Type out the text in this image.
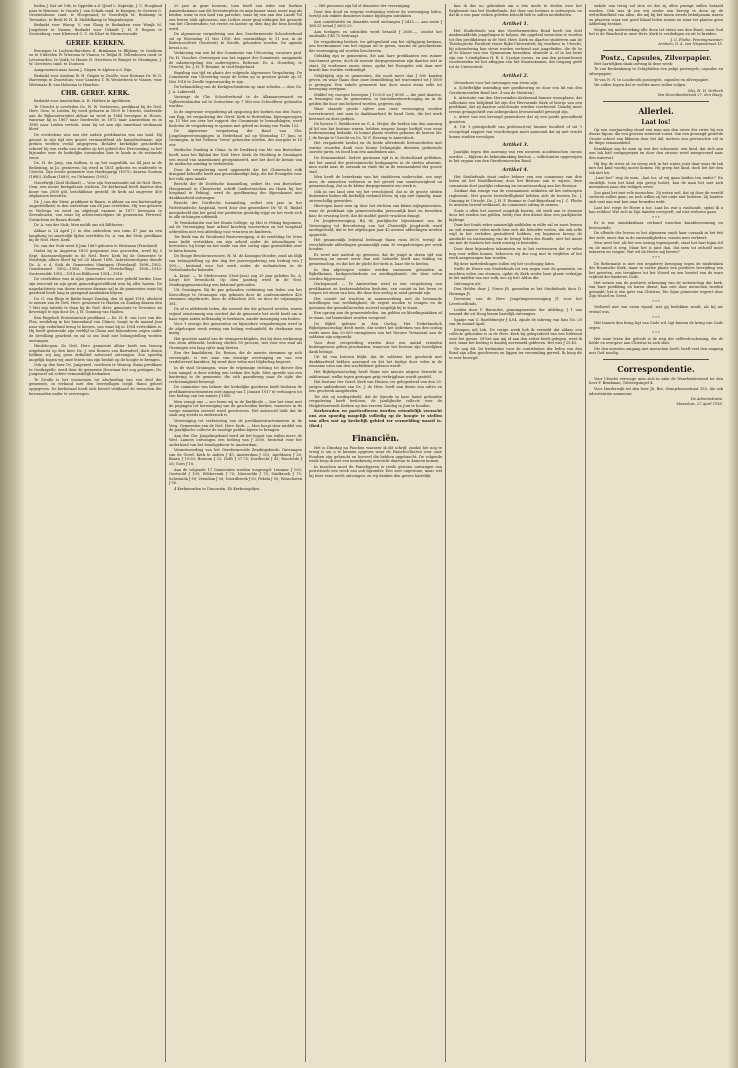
heden J. Kat uit Urk; te Oppelde a.d. IJssel L. Kapteijn; J. C. Hoogland naar te Renesse; te Vuurde J. van Schaik cand. te Kampen; te Gerwen G. Groenenboom cand. te Hoogezand; te Noordwijk M. Roskamp te Tervaalse; te Beek W. H. B. Middelkamp te Wagenborgen.

Bedankt voor Wieng: V. van Vlaag te Bedanken voor Wanjk M. Jongeboer te Vianen; Bedankt voor Urkindt J. H. F. Regeus te Oostenburg; voor Kleiwerd C. C. de Kloet te Murmerwoude.

GEREF. KERKEN.

Beroepen te Lochem-Barchem H. Brinkman te Blijham; te Oosthem en te Uitdeelen W. Wiersma te Vianen; te Tedjal H. Vollenhoven cand. te Leeuwarden; te Varik; te Haren N. Gerritsen te Bunger te Groningen; J. W. Gerritsen cand. te Doutoen.

Aangenomen naar Assen J. Gispen te Alphen a.d. Rijn.

Bedankt voor Arnhem W. H. Gispen te Zwolle; voor Reitsma Dr. W. G. Harrewijn te Zwartsluis; voor Camstra T. W. Westerbeek te Vianen; voor Westmaas B. van Halsema te Haarlem.

CHR. GEREF. KERK.

Bedankt voor Amsterdam A. H. Hofstra te Apeldoorn.

Te Utrecht is overleden Ds. W. W. Verhoeven, predikant bij de Ned. Herv. Gem. te Leiden, hij werd geboren in 1839 te Utrecht, studeerde aan de Rijksuniversiteit aldaar en werd in 1864 beroepen te Hoorn, vanwaar hij in 1867 naar Dordrecht, in 1872 naar Amsterdam en in 1885 naar Leiden vertrok, waar hij tot aan zijn emeritaat werkzaam bleef.

De overledene was een der oudste predikanten van ons land. Hij genoot in zijn tijd een groote vermaardheid als kanselredenaar; zijn preken werden veelal uitgegeven. Behalve kerkelijke geschriften schreef hij een reeks van studiën op het gebied der Hervorming, in het bijzonder over de kerkelijke toestanden hier te lande in de zestiende eeuw.

Ds. H. de Jong, van Kollum, is op het oogenblik, na 44 jaar in de bediening, in Ja. gestorven; hij werd in 1851 geboren en studeerde te Utrecht. Zijn eerste gemeente was Hardegarijp (1875), daarna Goutum (1880), Kollum (1889), en Uithuizen (1892).

Noordwijk (Zuid Holland) — Voor zijn leeraarsambt zal de Ned. Herv. Gem. een nieuw kerkgebouw stichten. De Kerkeraad heeft daartoe den bouw van 2000 gld. beschikbaar gesteld; de kerk zal ongeveer 400 zitplaatsen bevatten.

Dr. J. van der Meer, predikant te Baarn, is aldaar, na een kortstondige ongesteldheid, in den ouderdom van 64 jaar overleden. Hij was geboren te Wolvega en werd na afgelegd examen in 1877 beroepen te Zevenhuizen, van waar hij achtereenvolgens de gemeenten Ferwerd, Gorinchem en Baarn diende.

Dr. A. van der Stok; Men meldt ons uit Bilthoven:

Aldaar is 24 April j.l. in den ouderdom van ruim 47 jaar na een langdurig en smartelijk lijden overleden Ds. A. van der Stok, predikant bij de Ned. Herv. Kerk.

Ds. van der Stok werd 4 Juni 1869 geboren te Westzaan (Friesland).

Nadat hij in Augustus 1893 proponent was geworden, werd hij 5 Sept. daaraanvolgende in de Ned. Herv. Kerk bij de Gemeente te Nordwijk; alhier bleef hij tot 20 Maart 1898. Achtereenvolgens diende Ds. A. v. d. Stok de Gemeenten Mantgum (Friesland) 1898—1902, Goudswaard 1902—1906, Oosterend (Terschelling) 1906—1910, Oosterwolde 1910—1914 en Bilthoven 1914—1916.

De overledene was in zijne gemeenten een zeer geliefd herder. Door zijn eenvoud en zijn grote gemoedsgesteldheid won hij aller harten. De nagedachtenis van dezen trouwen dienaar zal in de gemeenten waar hij gearbeid heeft lang in gezegend aandenken blijven.

Ds. G. van Rhijn te Bathe hoopt Zondag, den 30 April 1916, afscheid te nemen van de Ned. Herv. gemeente te Haalen en Zondag daarna den 7 Mei zijn intrede te doen bij de Ned. Herv. gemeente te Deventer, na bevestigd te zijn door Ds. J. H. Gunning van Haalen.

Een Engelsch Protestantsch predikant — Ds. H. R. van Leer van der Plas, zendeling in het binnenland van Chinee, hoopt in de maand Juni naar zijn vaderland terug te keeren, van waar hij in 1904 vertrokken is. Hij heeft gedurende zijn verblijf in China met bijzonderen zegen onder de bevolking gearbeid en zal in ons land met belangstelling worden ontvangen.

Hindeloopen. De Ned. Herv. gemeente alhier heeft een beroep uitgebracht op den heer Ds. J. van Rossen van Barradeel, doch dezen hebben wij nog geen definitief antwoord ontvangen. Zoo spoedig mogelijk hopen wij onze lezers van zijn besluit op de hoogte te brengen.

Ook op den heer Ds. Jongeneel, voorheen te Wanroy, thans predikant te Oostkapelle, werd door de gemeente Hoornaar het oog geslagen; Ds. Jongeneel zal echter vermoedelijk bedanken.

Te Zwolle is het voornemen tot afscheiding van een deel der gemeente, in verband met den leerstelligen strijd, thans geheel opgegeven. De kerkeraad heeft zich bereid verklaard de wenschen der bezwaarden nader te overwegen.

20 jaar in gean bouwen; toen heeft een ieder een boeken Amsterdammer aan dit Deventerplein en mijn kamer staat, meer nog als beiden, waar in een land van parochie, waar hij een aan den Lande Tol een leeren stuk opbouwen; aan Luther, meer ging uitdagen het gezonde van het Christendom; tot eerste en laatste op dien dag die hem heerlijk werd.

De algemeene vergadering van den Gereformeerde Schoolverbond zal op Woensdag 31 Mei 1916, des voormiddags te 11 uur, in de Buitensociëteit (Sociëteit) te Zwolle, gehouden worden. De agenda bevat o.m.:

Verkiezing van een lid der Commissie van Uitvoering, vacature prof. Dr. H. Visscher. Overwegen van het rapport der Commissie, aangaande de salarisregeling der onderwijzers. Referaat: Dr. A. Noordtzij, te Utrecht; Ds. J. H. F. Remme, te Oud-Beijerland.

Bepaling van tijd en plaats der volgende Algemeene Vergadering. De Commissie van Uitvoering roept de leden op in grooten getale op 31 Mei 1916 te Zwolle tegenwoordig te zijn.

De behandeling van de Kerkgeschiedenis op onze scholen — door Ds. J. A. Lakerveld.

Vanwege de Chr. Schoolverbond te de Alkmaarsewaard en Vijfheerenlanden zal te Gorinchem op 7 Mei een Schoolfeest gehouden worden.

In de ongewone vergadering ad opsporing der boeken van den Voorz. van Egg. tot vergadering der Geref. Kerk te Rotterdam, bijeengeroepen op 15 Mei om over het rapport der Commissie te beraadslagen, werd besloten de vergadering te openen met gebed en lezing van Psalm 122.

De algemeene vergadering der Bond van Chr. Jongelingsvereenigingen in Nederland zal op Woensdag 17 Juni, te Groningen, in het Gebouw ‘Irene’ gehouden worden, des morgens te 10 uur.

Medische Zending in China. In de Drukkerij van Mr. van Boetzelaer heeft, naar het Bijblad der Ned. Herv. Kerk, de Stichting te Groningen een avond van samenkomst georganiseerd, met het doel de kennis van de medische zending te verbreiden.

Door de vergadering werd opgemerkt dat het Chineesche volk dringend behoefte heeft aan geneeskundige hulp, die het Evangelie voor het volk open maakt.

Bericht der de Dordtsche Inzameling, sedert Mr. van Boetzelaer Hoogenraad in Chineesche schrift (ondertusschen nu thans bij het hospitaal te Peking), werd de goedkeuring der Bijeenkomst met dankbaarheid ontvangen.

Bericht der Dordtsche Inzameling, sedert een jaar in het Nederlandsche hospitaal, werd door den geneesheer Dr. W. H. Rinkel meegedeeld dat het getal der patiënten gestadig stijgt en het werk zich in alle richtingen uitbreidt.

Te Veenkoloniën van het Staats-College, op Mei te Peking begonnen, zal de Vereeniging haar arbeid krachtig voortzetten en het hospitaal uitbreiden met een afdeeling voor vrouwen en kinderen.

Ter Beek van de Woudsend Rustvereniging, is de zendeling De Vries naar Indië vertrokken om zijn arbeid onder de inboorlingen te hervatten; hij hoopt na het einde van den oorlog zijne gezinsleden over te laten komen.

De Hooge Beschermvrouwe, H. M. de Koningin-Moeder, zond als blijk van belangstelling op den dag der jaarvergadering een bedrag van ƒ 500.—, bestemd voor het werk onder de melaatschen in de Nederlandsche koloniën.

A. Kruyt. — Te Medevoorne (Oost-Java) zag 35 jaar geleden Ds. A. Kruyt het levenslicht. Op dien jaardag werd in de Ned. Zendingsgemeenschap een bidstond gehouden.

Uit Groningen. Bij de pas gehouden verkiezing van leden van het Kiescollege te Groningen zijn gekozen door de confessioneelen 420 stemmen uitgebracht, door de ethischen 308, en door de vrijzinnigen 181.

De af te afdelende leden, die zooveel der die gehoord werden, waren vrijwel eenstemmig van oordeel dat de gemeente het recht heeft om in haar eigen zaken zelfstandig te beslissen, zonder inmenging van buiten.

Voor 't overige der gemeenten en bijzondere vergaderingen werd in de afgeloopen week weinig van belang verhandeld; de deelname was matig.

Het grootste aantal van de stemgerechtigden, dat bij deze verkiezing een stem uitbracht, bedroeg slechts 58 procent, wat voor een stad als Groningen een laag cijfer mag heeten.

Een der kandidaten, Ds. Bruins, die de meeste stemmen op zich vereenigde, is een man van ernstige overtuiging en van een vredelievend karakter; hij werd door velen met blijdschap begroet.

In de stad Groningen, waar de vrijzinnige richting tot dusver den toon aangaf, is deze uitslag een teeken des tijds. Men spreekt van een kentering in de gemeente, die zich gaandeweg naar de zijde der rechtzinnigheid beweegt.

De commissie van beheer der kerkelijke goederen heeft besloten de predikantstractementen met ingang van 1 Januari 1917 te verhoogen tot een bedrag van ten minste ƒ 1800.

Men vraagt ons — zoo lezen wij in de Kerkbode — hoe het staat met de pogingen tot hereeniging van de gescheiden kerken, waarover in de vorige maanden zooveel werd geschreven. Het antwoord luidt dat de zaak nog steeds in onderzoek is.

Vereeniging tot verbetering van de predikantstractementen in de Verg. Gemeenten van de Ned. Herv. Kerk. — Men hoopt door middel van de jaarlijksche collecte de noodige gelden bijeen te brengen.

Aan den Chr. Jongelingsbond werd uit het legaat van wijlen mevr. de Wed. Lamers ontvangen een bedrag van ƒ 2000, bestemd voor het onderhoud van het bondsgebouw te Amsterdam.

Verantwoording van het Gereformeerde Zendingsfonds: Ontvangen van de Geref. Kerk te Aalten ƒ 45; Amsterdam ƒ 312; Apeldoorn ƒ 28; Baarn ƒ 19.50; Bussum ƒ 22; Delft ƒ 37.75; Dordrecht ƒ 41; Enschede ƒ 26; Goes ƒ 18.

Aan de volgende 17 Gemeenten werden toegezegd: Lemmer ƒ 100; Oostwold ƒ 100; Wildervank ƒ 75; Nieuwolda ƒ 75; Zuidbroek ƒ 75; Scheemda ƒ 50; Veendam ƒ 50; Noordbroek ƒ 50; Pekela ƒ 50; Winschoten ƒ 50.

4 Kerkenraden te Diaconiën, 40 Kerkvoogdijen.

— 586 personen zijn lid of donateur der vereeniging.

Door den dood en wegens verhuizing verloor de vereeniging leden, terwijl ook enkele donateurs hunne bijdragen introkken.

Aan contributiën en donatiën werd ontvangen ƒ 2435.—, aan rente ƒ 168.25 totaal ƒ 2603.25.

Aan toelagen en subsidiën werd betaald ƒ 2650.—, zoodat het eindsaldo ƒ 48.75 bedraagt.

De vergadering besloot, ter gelegenheid van het vijftigjarig bestaan, een feestnummer van het orgaan uit te geven, waarin de geschiedenis der vereeniging zal worden beschreven.

Gelukkig zijn er gemeenten, die aan hare predikanten een ruimer tractement geven; doch de meeste dorpsgemeenten zijn daartoe niet in staat. Zij verdienen onzen steun, opdat het Evangelie ook daar met kracht kan worden verkondigd.

Gelijktijdig zijn er gemeenten, die nooit meer dan ƒ 600 konden geven, en waar thans door onze bemiddeling het tractement tot ƒ 1000 is gestegen. Een enkele gemeente kon door onzen steun zelfs tot beroeping overgaan.

Middel wij voorgen beroepen ƒ 10.000 en ƒ 6000 — die juist daartoe, in leeningen van de gemeenten, in tractementsverhooging en in de gelden die door ons beheerd worden, gegeven zijn.

Waar staande groote cijfers aan onze vereeniging worden toevertrouwd, ziet men in dankbaarheid de hand Gods, die het werk bestuurt en doet gedijen.

De heeren C. Beekhoewe en G. A. Meijer, die beiden van den aanvang af lid van het bestuur waren, hebben wegens hooge leeftijd voor eene herbenoeming bedankt. In hunne plaats werden gekozen de heeren Mr. J. de Bruijn te Utrecht en Ds. W. F. Heering te Amersfoort.

Het vergaderde besluit en de beide aftredende bestuursleden met warme woorden dank voor hunne belangrijke diensten gedurende zoovele jaren, en bood hun een aandenken aan.

De Eenzaamheid. Sedert geruimen tijd is in Duitschland gebleken, dat het aantal der protestantsche kerkgangers in de steden afneemt; men zoekt naar de oorzaak en vindt die in de eenzaamheid der groote stad.

Men heeft de beteekenis van het stadsleven onderschat, zoo zegt men; de menschen verliezen er het gevoel van saamhoorigheid en gemeenschap, dat in de kleine dorpsgemeente zoo sterk is.

Ook in ons land zien wij het verschijnsel, dat in de groote steden duizenden buiten elk kerkelijk verband leven; zij zijn niet vijandig, maar onverschillig geworden.

Hiertegen komt men op door het stichten van kleine wijkgemeenten, waar de predikant zijn gemeenteleden persoonlijk kent en bezoeken kan; de ervaring leert, dat dit middel goede vruchten draagt.

De Jeugdvereeniging. Bij de jaarlijksche bijeenkomst van de Vereeniging tot Bevordering van het Christelijk Jeugdwerk werd medegedeeld, dat in het afgeloopen jaar 42 nieuwe afdeelingen werden opgericht.

Het gezamenlijk ledental bedraagt thans ruim 8000, terwijl de verschillende afdeelingen gezamenlijk ruim 30 vergaderingen per week houden.

Er werd met nadruk op gewezen, dat de jeugd in dezen tijd van beroering en onrust meer dan ooit behoefte heeft aan leiding en gemeenschap, en dat het de plicht der kerk is, haar die te bieden.

In den afgeloopen winter werden cursussen gehouden in Bijbelkennis, kerkgeschiedenis en zendingskunde, die door velen werden bijgewoond.

Oorlogsnood. — Te Amsterdam werd in een vergadering van predikanten en kerkeraadsleden besloten, een comité in het leven te roepen tot steun van hen, die door den oorlog in nood geraakt zijn.

Het comité zal trachten in samenwerking met de bestaande instellingen van weldadigheid, de ergste nooden te lenigen en de gezinnen der gemobiliseerden zooveel mogelijk bij te staan.

Een oproep aan de gemeenteleden, om gelden en kleedingstukken af te staan, zal binnenkort worden verspreid.

De Bijbel gelezen in den Oorlog. Het Nederlandsch Bijbelgenootschap deelt mede, dat sedert het uitbreken van den oorlog reeds meer dan 20.000 exemplaren van het Nieuwe Testament aan de soldaten zijn uitgereikt.

Voor deze verspreiding werden door een aantal vrienden buitengewone giften geschonken, waarvoor het bestuur zijn hartelijken dank betuigt.

Uit tal van brieven blijkt, dat de soldaten het geschenk met dankbaarheid hebben aanvaard en dat het boekje door velen in de eenzame uren van den wachtdienst gelezen wordt.

Het Bijbelgenootschap heeft thans een nieuwe uitgave bewerkt in zakformaat, welke tegen geringen prijs verkrijgbaar wordt gesteld.

Het bestuur der Geref. Kerk van Huizen, ter gelegenheid van den 25-jarigen ambtsdienst van Ds. J. de Heer, heeft aan dezen een adres en een geschenk aangeboden.

Tot slot zij medegedeeld, dat de Synode in hare laatst gehouden vergadering heeft besloten, de jaarlijksche collecte voor de Hulpbehoevende Kerken op den eersten Zondag in Juni te houden.

Kerkeraden en particulieren worden vriendelijk verzocht ons zoo spoedig mogelijk volledig op de hoogte te stellen van alles wat op kerkelijk gebied ter vermelding waard is. (Red.)

Financiën.

Het is Dinsdag na Paschen waaneer ik dit schrijf, zoodat het nog te vroeg is om u te kunnen opgeven waar de Paaschcollecten voor onze Fondsen zijn gebracht en hoeveel die hebben opgebracht. De volgende week hoop ik met een nauwkeurig overzicht daarvan te kunnen komen.

In tusschen moet de Paaschgaven is reeds gewone ontvangen van postwissels een week van ouk bijzonder. Een zeer ongewone, maar wel bij twee eene reeds ontvangen, en wij danken den gevers hartelijk.

kan ik dus nu gebruiken om u iets mede te deelen over het Reglement van het Studiefonds, dat door ons bestuur is ontworpen, en dat ik u een paar weken geleden beloofd heb te zullen mededeelen.

Artikel 1.

Het Studiefonds van den Gereformeerden Bond heeft ten doel minbemiddelde jongelingen te helpen, die opgeleid wenschen te worden tot den predikdienst in de Ned. Herv. Kerk en daartoe studeeren aan de Theologische Faculteit eener Rijks-Universiteit, bij voorkeur te Utrecht; bij uitzondering kan steun worden verleend aan jongelieden, die de 5e of 6e klasse van een Gymnasium bezoeken, alsmede A. of in het bezit zijn van 't eindiploma H. B. S. 5-jarige cursus, en aan den privaatlessen voorbereiden tot het afleggen van het Staatsexamen, dat toegang geeft tot de Universiteit.

Artikel 2.

Verzoekers voor het ontvangen van steun zijn:

a. Schriftelijke inzending met goedkeuring en door een lid van den Gereformeerden Bond (art. 4 van de Statuten).

b. Attestatie van den Hervormden Kerkeraad hunner woonplaats, dat sollicitant een belijdend lid zijn der Hervormde Kerk of bewijs van een predikant, dat zij daartoe catechisatie werden voorbereid. Daarbij moet tevens getuigschrift van onbesproken levenswandel gevoegd zijn.

c. Attest van een bevoegd geneesheer dat zij een goede gezondheid genieten.

d. Uit 't getuigschrift van professor(en) hunner faculteit of uit 't overgelegd rapport van voorderingen moet aantoond dat zij met vrucht hunne studiën vervolgen.

Artikel 3.

Jaarlijks tegen den aanvang van een nieuwen academischen cursus worden — blijkens de bekendmaking hiertoe — sollicitanten opgeroepen in het orgaan van den Gereformeerden Bond.

Artikel 4.

Het Studiefonds staat onder beheer van een commissie van drie leden uit het Hoofdbestuur, door het Bestuur aan te wijzen; deze commissie doet jaarlijks rekening en verantwoording aan het Bestuur.

Ziedaar dan eenige van de voornaamste artikelen uit het ontworpen reglement. Met groote bereidwilligheid hebben zich de heeren Ds. J. Gunning te Utrecht, Ds. J. H. F. Remme te Oud-Beijerland en J. C. Fliehe te Arnhem bereid verklaard, de commissie zitting te nemen.

Zoals u allen het zooveel mogelijk hooren, dit werk aan te steunen door het zenden van gelden, hetzij voor den dienst door een jaarlijksche bijdrage.

Daar het fonds zeker aanzienlijk middelen in stilte zal en moet leenen en ook wanneer velen mede hier zich die behoefte voelen, dat ook zelfs wijd in het verleden gestudeerd hebben, wij beginnen hierop de aandacht en instemming van de bezigt leden des Bonds; niet het minst om met de fondsen het werk ernstig te besteden.

Door deze bijzondere inkomsten en in het vertrouwen dat er velen nog voor willen komen, behoeven wij dus nog niet te twijfelen of het werk aangevangen kan worden.

Bij deze mededeelingen zullen wij het voorloopig laten.

Stelle de Heere ons Studiefonds tot een zegen voor de gemeente, en mochten velen ons steunen, opdat de Kerk weder bare plaats verkrijge in het midden van ons volk, zoo zij het! Aldus die.

Ontvangen uit:

Den Helder door J. Visser ƒ8, gezonden in het Studiefonds door D. Huizinga ƒ1.

Deventer, van de Herv. Jongelingsvereeniging ƒ1 voor het Leerstoelfonds.

Leiden door P. Barendse, penningmeester der Afdeling, ƒ 1 van iemand die uit Hoog kwam hartelijk ontvangen.

Spanje van C. Bardelmeijer ƒ 4,04, zijnde de inbreng van huis No. 20 van de maand April.

Krimpen a/d Lek. De vorige week heb ik vermeld dat aldaar een collecte gehouden is in de Herv. Kerk bij gelegenheid van een bidstond voor het gewas. Of het aan mij of aan den zetter heeft gelegen, weet ik niet, maar het bedrag is daarbij onvermeld gebleven. Het was ƒ 25.45.

Nu nog dit. De kwitanties voor de contributies der leden van den Bond zijn allen geschreven en liggen ter verzending gereed. Ik hoop dit te zeer bezorgd.

enkele van terug zal zien en dat zij allen prompt zullen betaald worden. Ook was ik zoo vrij weder een beroep te doen op de welwillendheid van allen, die mij bij het innen steeds behulpzaam waren en plaatsen waar een goed lokaal leden wonen en waar ter plaatse geen Afdeeling bestaat.

Mogen wij medewerking alle doen tot steun van den Bond, want God het is de Waarheid in onze Herv. Kerk te verdedigen en uit te breiden.

J. C. Fliehe, Penningmeester.
Arnhem, G. A. van Nispenstraat 15.
Postz., Capsules, Zilverpapier.

Met hartelijken dank ontving ik deze week:

Te van Beckenkamp te Schiplüiden een pakje postzegels, capsules en zilverpapier;

Te van N. N. te Loosbroek postzegels, capsules en zilverpapier.

We zullen hopen dat er weldra meer zullen volgen.

Mej. H. H. Verheek
Van Hoornbeekstraat 27, den Haag.
Allerlei.
Laat los!

Op een voorjaarsdag stond een man aan den oever der rivier bij een dwaze figuur, die een grooten waterval vormt. Van een gewaagd gestelde Groote schoot een bliksem door het dal, meteen een gewenschte val in de diepe eenzaamheid.

Eensklaps zag de man op een der schoonste, een kind, dat zich aan een tak had vastgegrepen en door den stroom werd meegevoerd naar den waterval.

Hij liep de rivier af, en wierp zich in het water, juist daar waar de tak met het kind voorbij moest komen. Hij greep het kind, doch het liet den tak niet los.

„Laat los!” riep de man, „laat los, of wij gaan beiden ten onder!” En eindelijk, toen het kind zijn greep losliet, kon de man het met zich meenemen naar den veiligen oever.

Zoo gaat het met vele menschen. Zij weten wel, dat zij door de wereld verloren zullen gaan, en toch willen zij het oude niet loslaten. Zij houden zich vast aan wat hen naar beneden trekt.

Laat los! roept de Heere u toe. Laat los wat u vasthoudt, opdat Ik u kan redden! Wie zich in Zijn handen overgeeft, zal niet verloren gaan.

* * *

Er is een onmiskenbaar verband tusschen karaktervorming en levenseinde.

De ellende der levens in het algemeen vindt haar oorzaak in het feit der ziele, meer dan in de omstandigheden, waarin men verkeert.

Men weet het: als het een weinig tegenspoedt, staat het hart bijna stil en de moed is weg. Maar het is juist dan, dat men tot zichzelf moet inkeeren en vragen: Wat wil de Heere mij leeren?

* * *

De Reformatie is niet een negatieve beweging tegen de misbruiken der Roomsche Kerk, maar in eerste plaats een positieve bevrijding van het geweten, een terugkeer tot het Woord en een herstel van de ware vrijheid der kinderen Gods.

Het wezen van de positieve erkenning van de wetenschap der kerk, van hare prediking en haren dienst, kan niet door menschen worden gemaakt; het is een gave van Christus, Die Zijne gemeente regeert door Zijn Woord en Geest.

* * *

Verbreid niet van uwen vijand, wat gij bedekken zoudt, als hij uw vriend was.

* * *

Wat binnen den kring ligt van Gods wil, ligt binnen de kring van Gods zegen.

* * *

Het ware leven der geloofs is de weg der zelfverloochening, die de liefde en overgave aan Christus in zich sluit.

Die den meesten omgang met menschen heeft, heeft veel den omgang met God noodig.

Correspondentie.

Voor Utrecht vervooge men zich in zake de Waarheidsvriend tot den heer F. Brinkman, Tolsteegsingel 4.

Voor Harderwijk tot den heer Jh. Bot, Oranjeboomstraat 155, die ook advertentiën aanneemt.

De Administratie.
Maassluis, 27 April 1916.
